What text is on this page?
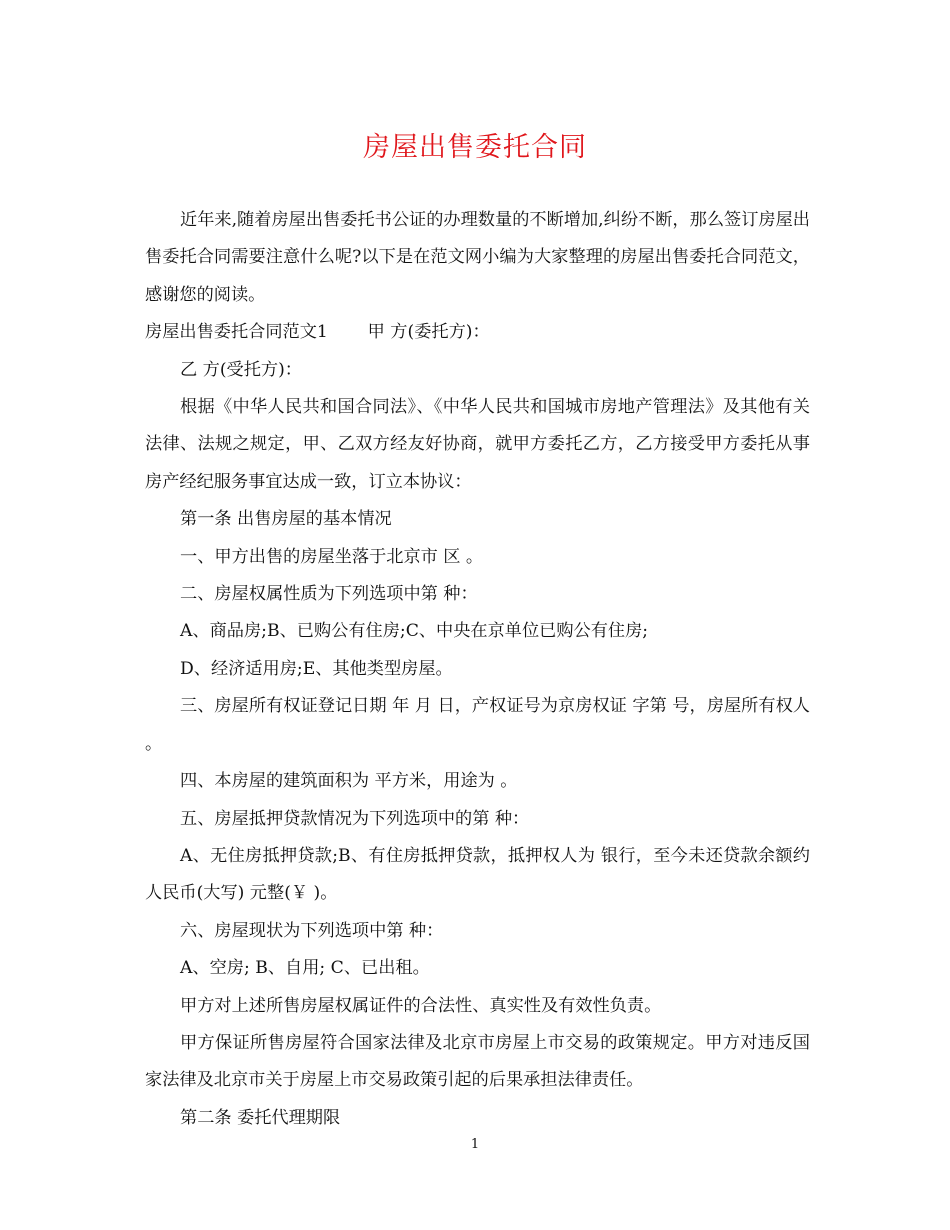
房屋出售委托合同

近年来,随着房屋出售委托书公证的办理数量的不断增加,纠纷不断，那么签订房屋出售委托合同需要注意什么呢?以下是在范文网小编为大家整理的房屋出售委托合同范文，感谢您的阅读。

房屋出售委托合同范文1　　 甲 方(委托方)：

乙 方(受托方)：

根据《中华人民共和国合同法》、《中华人民共和国城市房地产管理法》及其他有关法律、法规之规定，甲、乙双方经友好协商，就甲方委托乙方，乙方接受甲方委托从事房产经纪服务事宜达成一致，订立本协议：

第一条 出售房屋的基本情况

一、甲方出售的房屋坐落于北京市 区 。

二、房屋权属性质为下列选项中第 种：

A、商品房;B、已购公有住房;C、中央在京单位已购公有住房;

D、经济适用房;E、其他类型房屋。

三、房屋所有权证登记日期 年 月 日，产权证号为京房权证 字第 号，房屋所有权人 。

四、本房屋的建筑面积为 平方米，用途为 。

五、房屋抵押贷款情况为下列选项中的第 种：

A、无住房抵押贷款;B、有住房抵押贷款，抵押权人为 银行，至今未还贷款余额约人民币(大写) 元整(￥ )。

六、房屋现状为下列选项中第 种：

A、空房; B、自用; C、已出租。

甲方对上述所售房屋权属证件的合法性、真实性及有效性负责。

甲方保证所售房屋符合国家法律及北京市房屋上市交易的政策规定。甲方对违反国家法律及北京市关于房屋上市交易政策引起的后果承担法律责任。

第二条 委托代理期限

1
